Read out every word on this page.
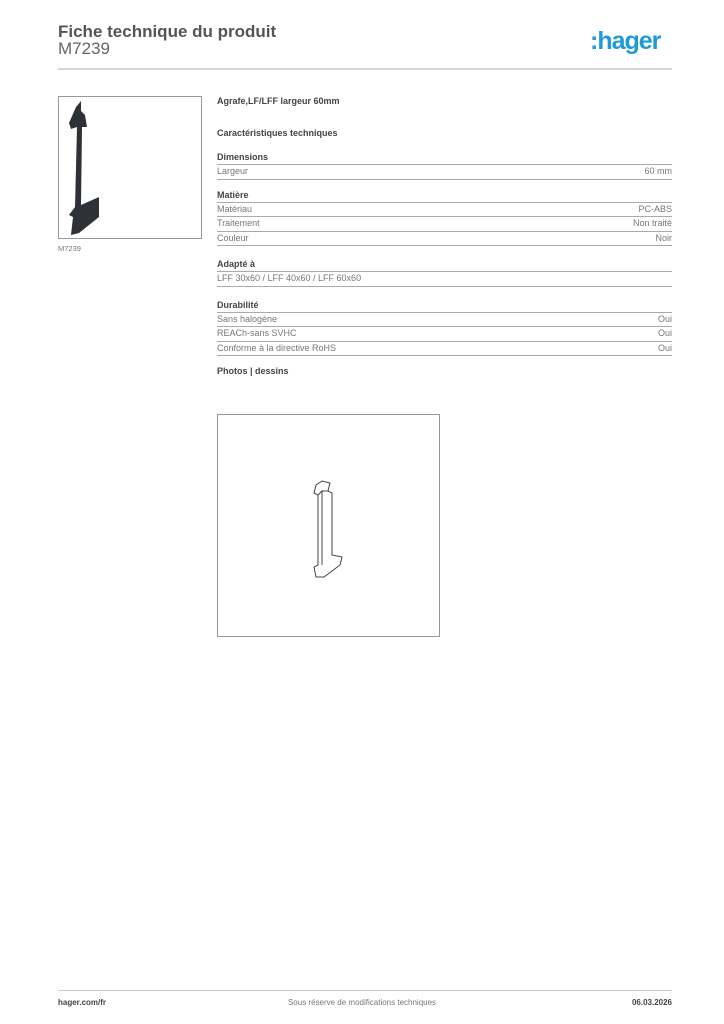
Fiche technique du produit
M7239	:hager
M7239
Agrafe,LF/LFF largeur 60mm
Caractéristiques techniques
Dimensions
Largeur	60 mm
Matière
Matériau	PC-ABS
Traitement	Non traité
Couleur	Noir
Adapté à
LFF 30x60 / LFF 40x60 / LFF 60x60
Durabilité
Sans halogène	Oui
REACh-sans SVHC	Oui
Conforme à la directive RoHS	Oui
Photos | dessins
hager.com/fr	Sous réserve de modifications techniques	06.03.2026
